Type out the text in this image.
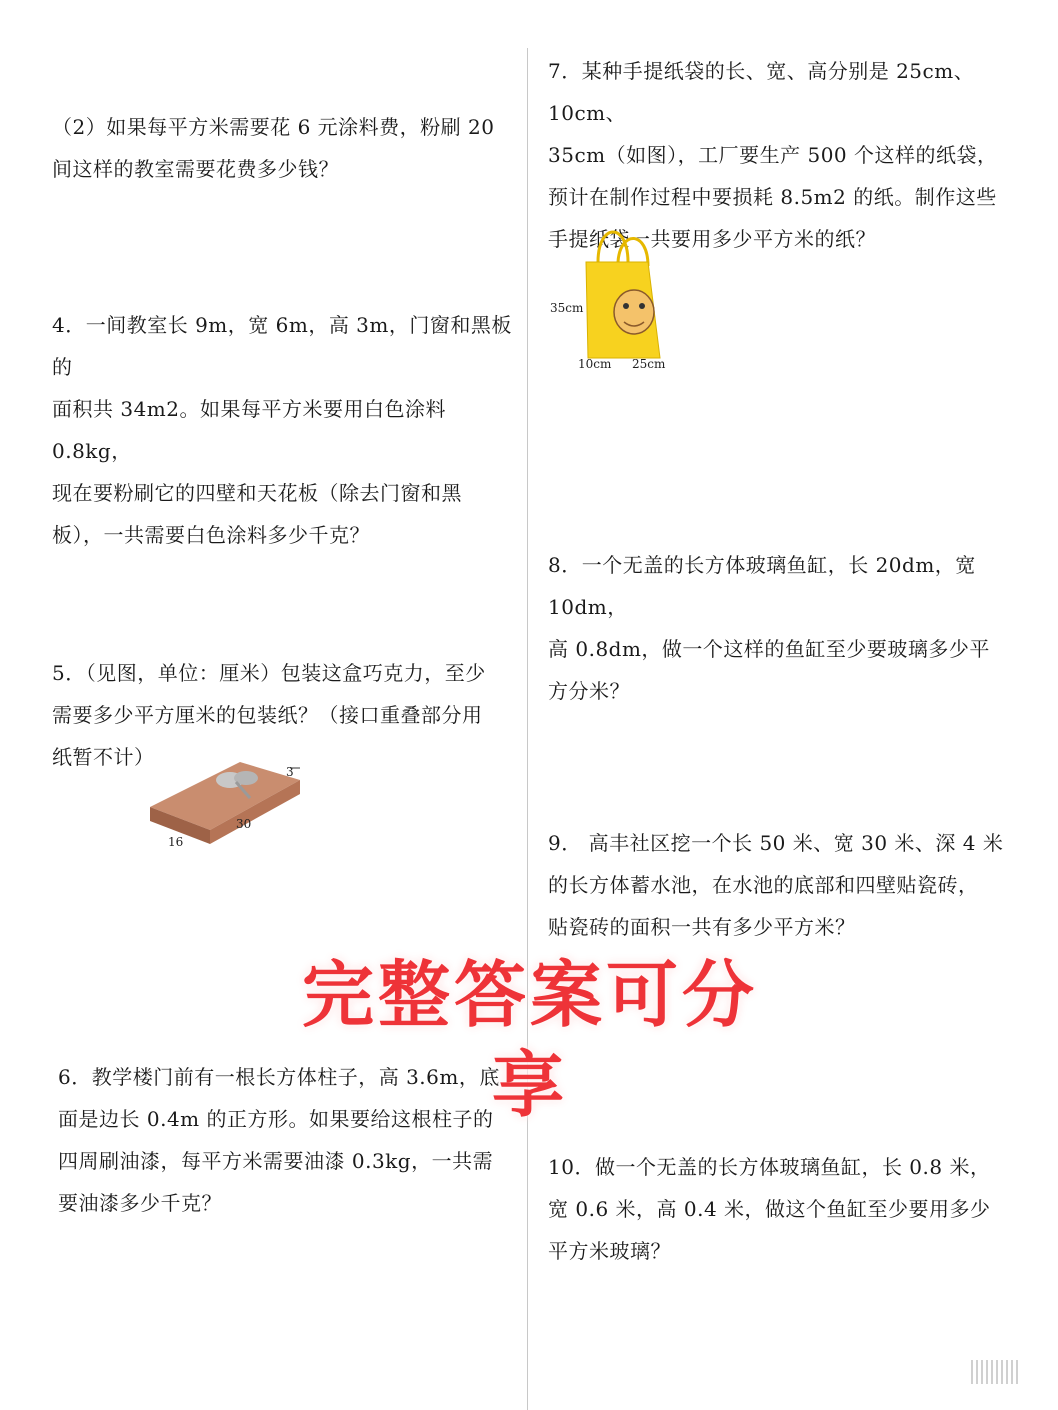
（2）如果每平方米需要花 6 元涂料费，粉刷 20
间这样的教室需要花费多少钱？
4．一间教室长 9m，宽 6m，高 3m，门窗和黑板的
面积共 34m2。如果每平方米要用白色涂料 0.8kg，
现在要粉刷它的四壁和天花板（除去门窗和黑
板），一共需要白色涂料多少千克？
5．（见图，单位：厘米）包装这盒巧克力，至少
需要多少平方厘米的包装纸？（接口重叠部分用
纸暂不计）
3
30
16
6．教学楼门前有一根长方体柱子，高 3.6m，底
面是边长 0.4m 的正方形。如果要给这根柱子的
四周刷油漆，每平方米需要油漆 0.3kg，一共需
要油漆多少千克？
7．某种手提纸袋的长、宽、高分别是 25cm、10cm、
35cm（如图），工厂要生产 500 个这样的纸袋，
预计在制作过程中要损耗 8.5m2 的纸。制作这些
手提纸袋一共要用多少平方米的纸？
35cm
10cm 25cm
8．一个无盖的长方体玻璃鱼缸，长 20dm，宽 10dm，
高 0.8dm，做一个这样的鱼缸至少要玻璃多少平
方分米？
9． 高丰社区挖一个长 50 米、宽 30 米、深 4 米
的长方体蓄水池，在水池的底部和四壁贴瓷砖，
贴瓷砖的面积一共有多少平方米？
完整答案可分享
10．做一个无盖的长方体玻璃鱼缸，长 0.8 米，
宽 0.6 米，高 0.4 米，做这个鱼缸至少要用多少
平方米玻璃？
